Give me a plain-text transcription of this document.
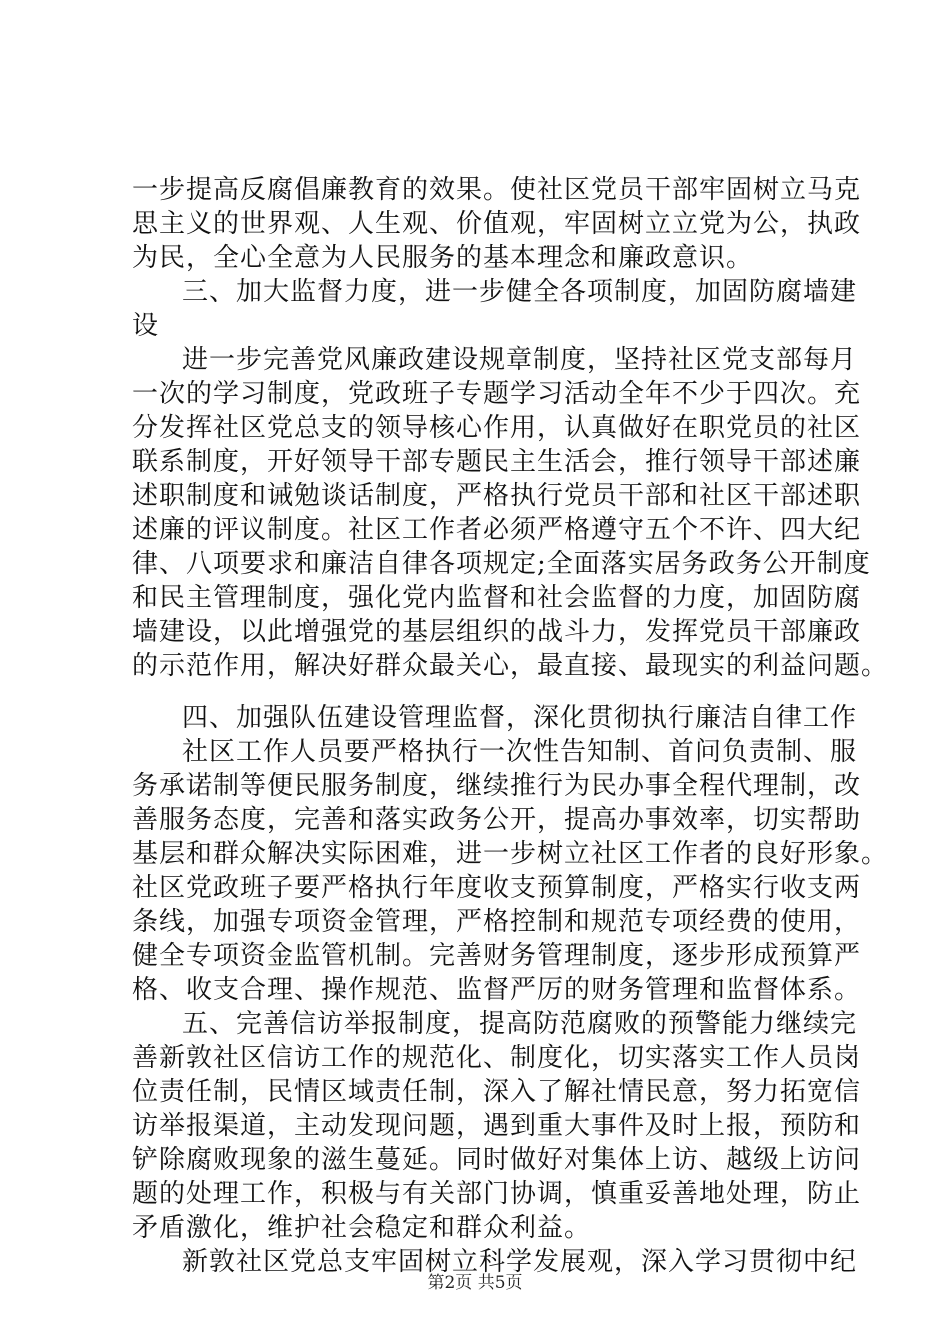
一步提高反腐倡廉教育的效果。使社区党员干部牢固树立马克
思主义的世界观、人生观、价值观，牢固树立立党为公，执政
为民，全心全意为人民服务的基本理念和廉政意识。
三、加大监督力度，进一步健全各项制度，加固防腐墙建
设
进一步完善党风廉政建设规章制度，坚持社区党支部每月
一次的学习制度，党政班子专题学习活动全年不少于四次。充
分发挥社区党总支的领导核心作用，认真做好在职党员的社区
联系制度，开好领导干部专题民主生活会，推行领导干部述廉
述职制度和诫勉谈话制度，严格执行党员干部和社区干部述职
述廉的评议制度。社区工作者必须严格遵守五个不许、四大纪
律、八项要求和廉洁自律各项规定;全面落实居务政务公开制度
和民主管理制度，强化党内监督和社会监督的力度，加固防腐
墙建设，以此增强党的基层组织的战斗力，发挥党员干部廉政
的示范作用，解决好群众最关心，最直接、最现实的利益问题。
四、加强队伍建设管理监督，深化贯彻执行廉洁自律工作
社区工作人员要严格执行一次性告知制、首问负责制、服
务承诺制等便民服务制度，继续推行为民办事全程代理制，改
善服务态度，完善和落实政务公开，提高办事效率，切实帮助
基层和群众解决实际困难，进一步树立社区工作者的良好形象。
社区党政班子要严格执行年度收支预算制度，严格实行收支两
条线，加强专项资金管理，严格控制和规范专项经费的使用，
健全专项资金监管机制。完善财务管理制度，逐步形成预算严
格、收支合理、操作规范、监督严厉的财务管理和监督体系。
五、完善信访举报制度，提高防范腐败的预警能力继续完
善新敦社区信访工作的规范化、制度化，切实落实工作人员岗
位责任制，民情区域责任制，深入了解社情民意，努力拓宽信
访举报渠道，主动发现问题，遇到重大事件及时上报，预防和
铲除腐败现象的滋生蔓延。同时做好对集体上访、越级上访问
题的处理工作，积极与有关部门协调，慎重妥善地处理，防止
矛盾激化，维护社会稳定和群众利益。
新敦社区党总支牢固树立科学发展观，深入学习贯彻中纪
第2页 共5页
